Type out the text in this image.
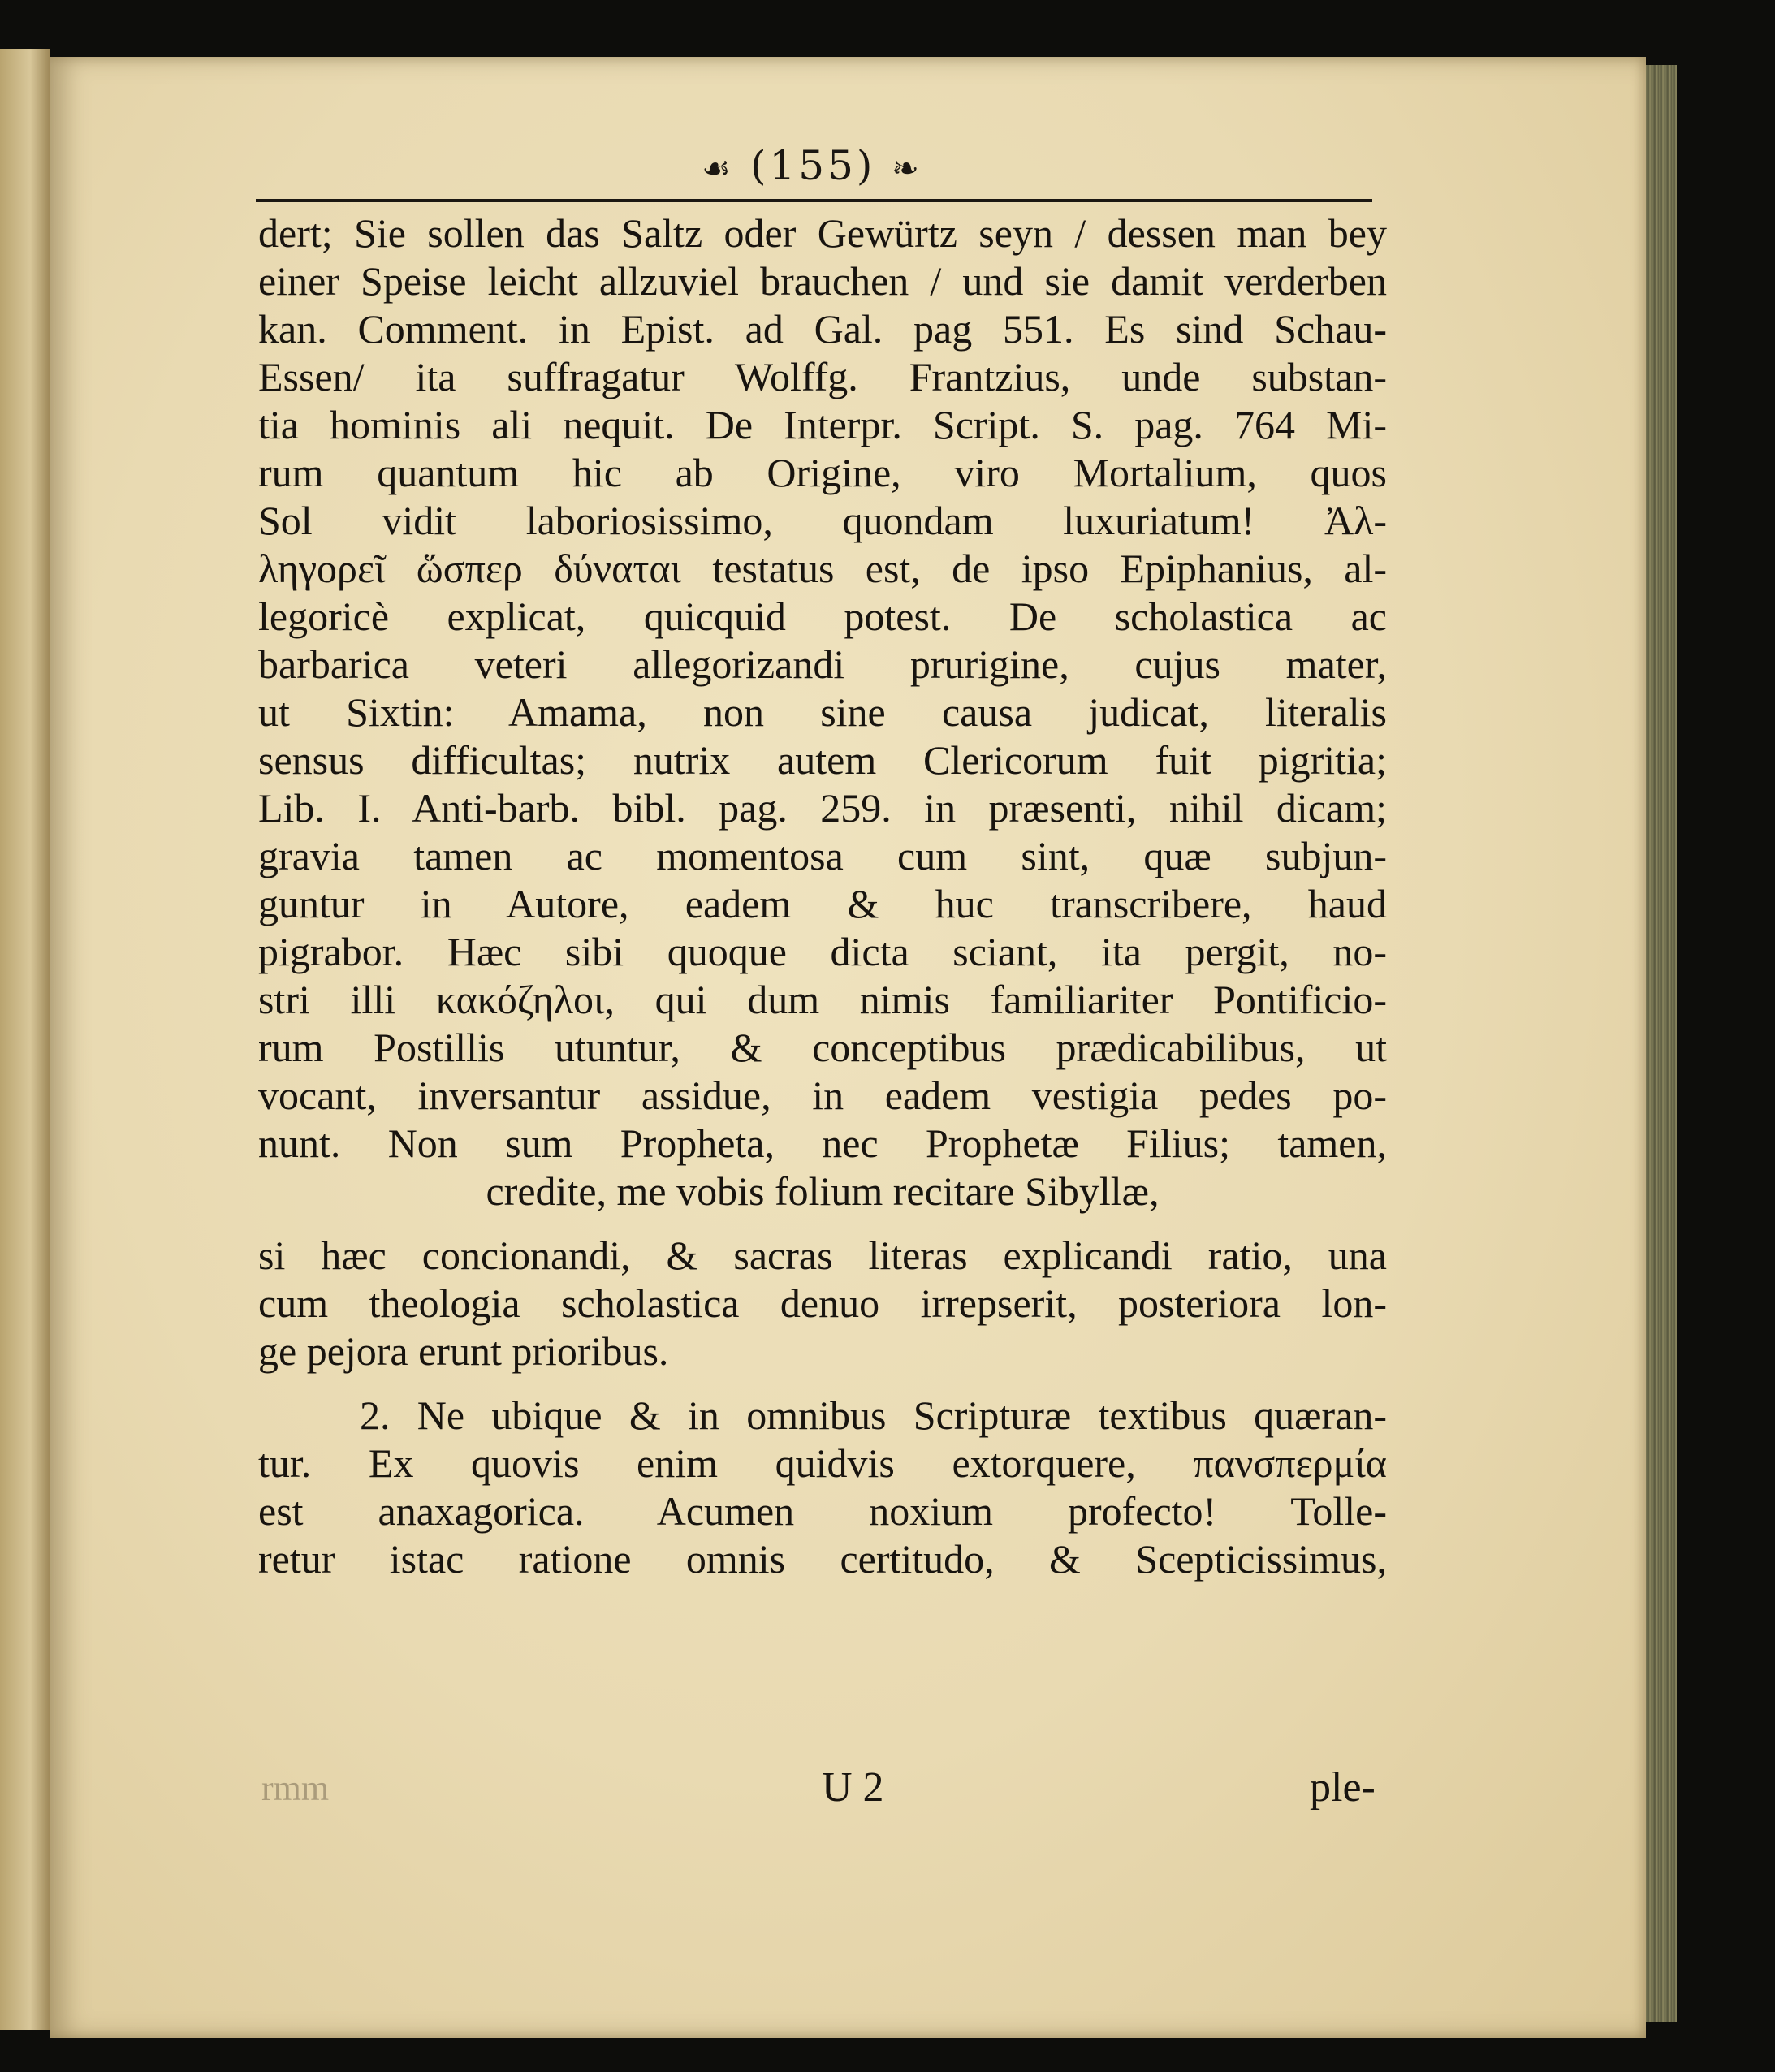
☙ (155) ❧
dert; Sie sollen das Saltz oder Gewürtz seyn / dessen man bey
einer Speise leicht allzuviel brauchen / und sie damit verderben
kan. Comment. in Epist. ad Gal. pag 551. Es sind Schau-
Essen/ ita suffragatur Wolffg. Frantzius, unde substan-
tia hominis ali nequit. De Interpr. Script. S. pag. 764 Mi-
rum quantum hic ab Origine, viro Mortalium, quos
Sol vidit laboriosissimo, quondam luxuriatum! Ἀλ-
ληγορεῖ ὥσπερ δύναται testatus est, de ipso Epiphanius, al-
legoricè explicat, quicquid potest. De scholastica ac
barbarica veteri allegorizandi prurigine, cujus mater,
ut Sixtin: Amama, non sine causa judicat, literalis
sensus difficultas; nutrix autem Clericorum fuit pigritia;
Lib. I. Anti-barb. bibl. pag. 259. in præsenti, nihil dicam;
gravia tamen ac momentosa cum sint, quæ subjun-
guntur in Autore, eadem & huc transcribere, haud
pigrabor. Hæc sibi quoque dicta sciant, ita pergit, no-
stri illi κακόζηλοι, qui dum nimis familiariter Pontificio-
rum Postillis utuntur, & conceptibus prædicabilibus, ut
vocant, inversantur assidue, in eadem vestigia pedes po-
nunt. Non sum Propheta, nec Prophetæ Filius; tamen,
credite, me vobis folium recitare Sibyllæ,
si hæc concionandi, & sacras literas explicandi ratio, una
cum theologia scholastica denuo irrepserit, posteriora lon-
ge pejora erunt prioribus.
2. Ne ubique & in omnibus Scripturæ textibus quæran-
tur. Ex quovis enim quidvis extorquere, πανσπερμία
est anaxagorica. Acumen noxium profecto! Tolle-
retur istac ratione omnis certitudo, & Scepticissimus,
rmm	U 2	ple-
